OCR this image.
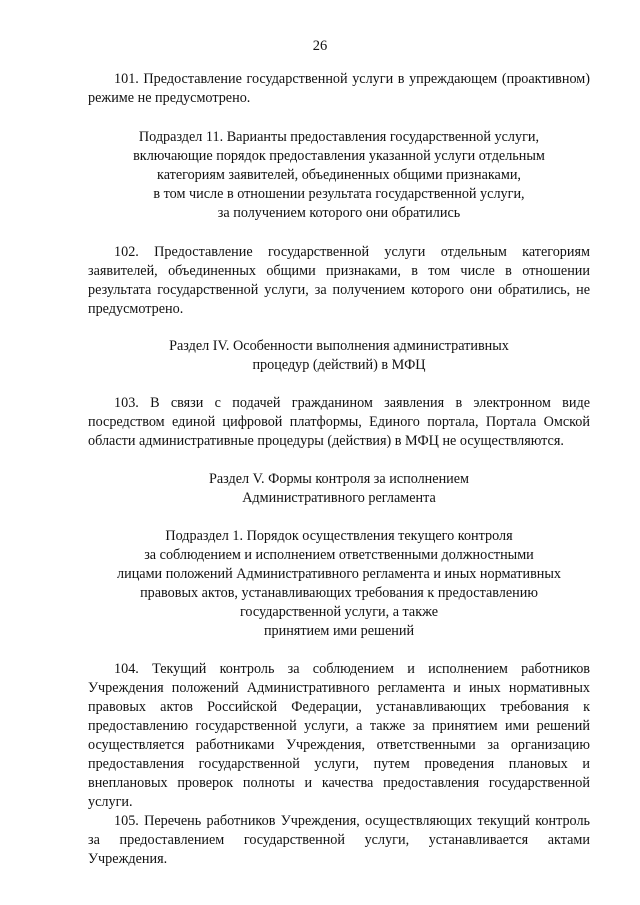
26

101. Предоставление государственной услуги в упреждающем (проактивном) режиме не предусмотрено.

Подраздел 11. Варианты предоставления государственной услуги,
включающие порядок предоставления указанной услуги отдельным
категориям заявителей, объединенных общими признаками,
в том числе в отношении результата государственной услуги,
за получением которого они обратились

102. Предоставление государственной услуги отдельным категориям заявителей, объединенных общими признаками, в том числе в отношении результата государственной услуги, за получением которого они обратились, не предусмотрено.

Раздел IV. Особенности выполнения административных
процедур (действий) в МФЦ

103. В связи с подачей гражданином заявления в электронном виде посредством единой цифровой платформы, Единого портала, Портала Омской области административные процедуры (действия) в МФЦ не осуществляются.

Раздел V. Формы контроля за исполнением
Административного регламента
Подраздел 1. Порядок осуществления текущего контроля
за соблюдением и исполнением ответственными должностными
лицами положений Административного регламента и иных нормативных
правовых актов, устанавливающих требования к предоставлению
государственной услуги, а также
принятием ими решений

104. Текущий контроль за соблюдением и исполнением работников Учреждения положений Административного регламента и иных нормативных правовых актов Российской Федерации, устанавливающих требования к предоставлению государственной услуги, а также за принятием ими решений осуществляется работниками Учреждения, ответственными за организацию предоставления государственной услуги, путем проведения плановых и внеплановых проверок полноты и качества предоставления государственной услуги.

105. Перечень работников Учреждения, осуществляющих текущий контроль за предоставлением государственной услуги, устанавливается актами Учреждения.
